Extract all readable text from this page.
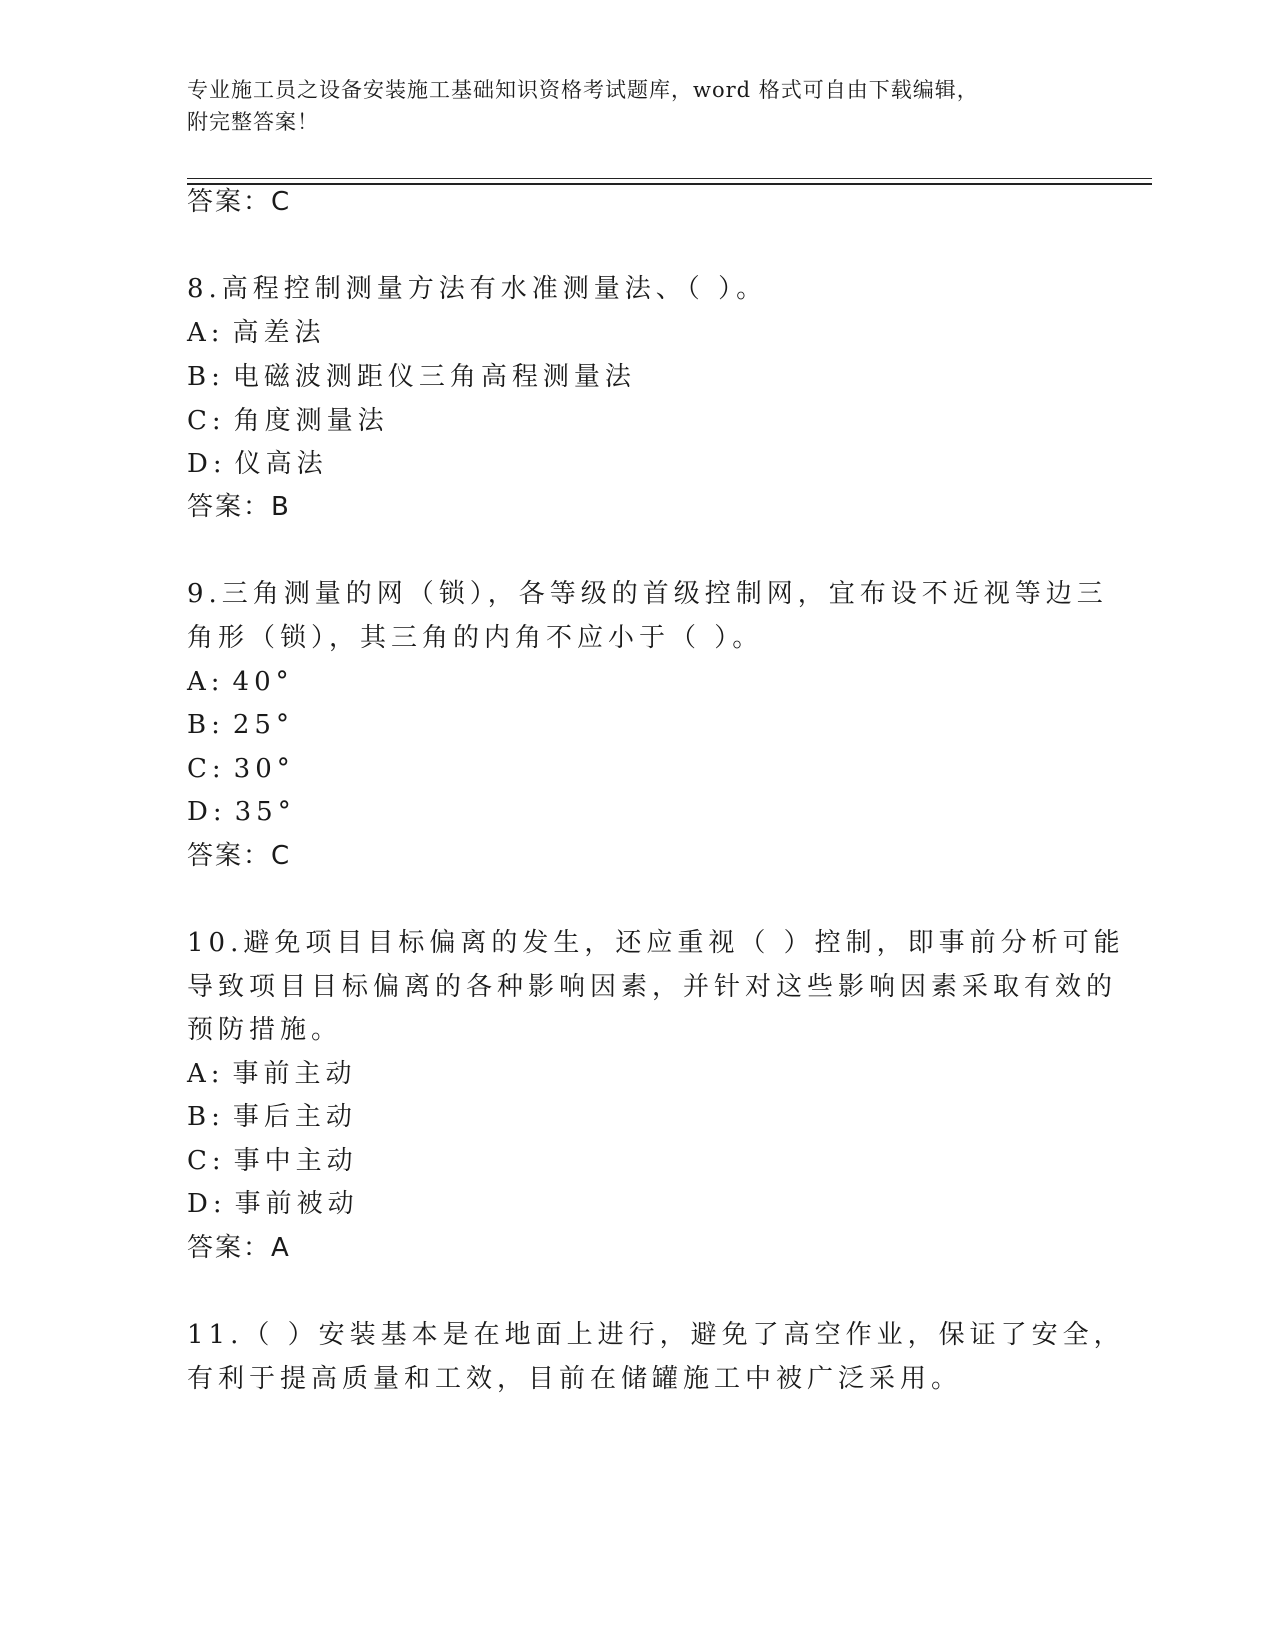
专业施工员之设备安装施工基础知识资格考试题库，word 格式可自由下载编辑，
附完整答案！
答案：C
8.高程控制测量方法有水准测量法、（ ）。
A: 高差法
B: 电磁波测距仪三角高程测量法
C: 角度测量法
D: 仪高法
答案：B
9.三角测量的网（锁），各等级的首级控制网，宜布设不近视等边三
角形（锁），其三角的内角不应小于（ ）。
A: 40°
B: 25°
C: 30°
D: 35°
答案：C
10.避免项目目标偏离的发生，还应重视（ ）控制，即事前分析可能
导致项目目标偏离的各种影响因素，并针对这些影响因素采取有效的
预防措施。
A: 事前主动
B: 事后主动
C: 事中主动
D: 事前被动
答案：A
11.（ ）安装基本是在地面上进行，避免了高空作业，保证了安全，
有利于提高质量和工效，目前在储罐施工中被广泛采用。
